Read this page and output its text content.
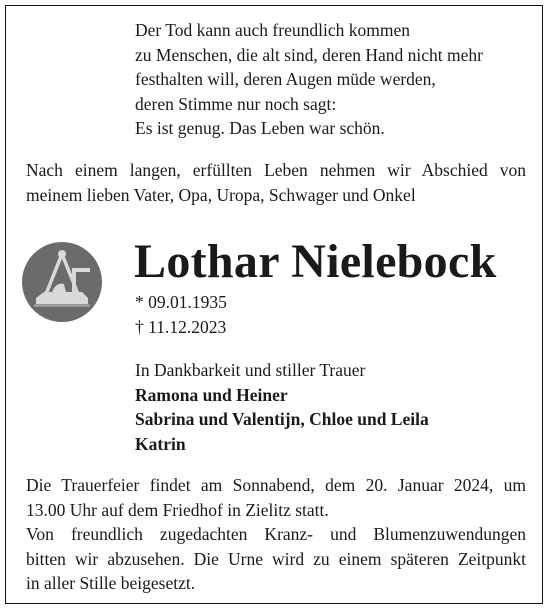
Der Tod kann auch freundlich kommen
zu Menschen, die alt sind, deren Hand nicht mehr
festhalten will, deren Augen müde werden,
deren Stimme nur noch sagt:
Es ist genug. Das Leben war schön.
Nach einem langen, erfüllten Leben nehmen wir Abschied von
meinem lieben Vater, Opa, Uropa, Schwager und Onkel
Lothar Nielebock
* 09.01.1935
† 11.12.2023
In Dankbarkeit und stiller Trauer
Ramona und Heiner
Sabrina und Valentijn, Chloe und Leila
Katrin
Die Trauerfeier findet am Sonnabend, dem 20. Januar 2024, um
13.00 Uhr auf dem Friedhof in Zielitz statt.
Von freundlich zugedachten Kranz- und Blumenzuwendungen
bitten wir abzusehen. Die Urne wird zu einem späteren Zeitpunkt
in aller Stille beigesetzt.
